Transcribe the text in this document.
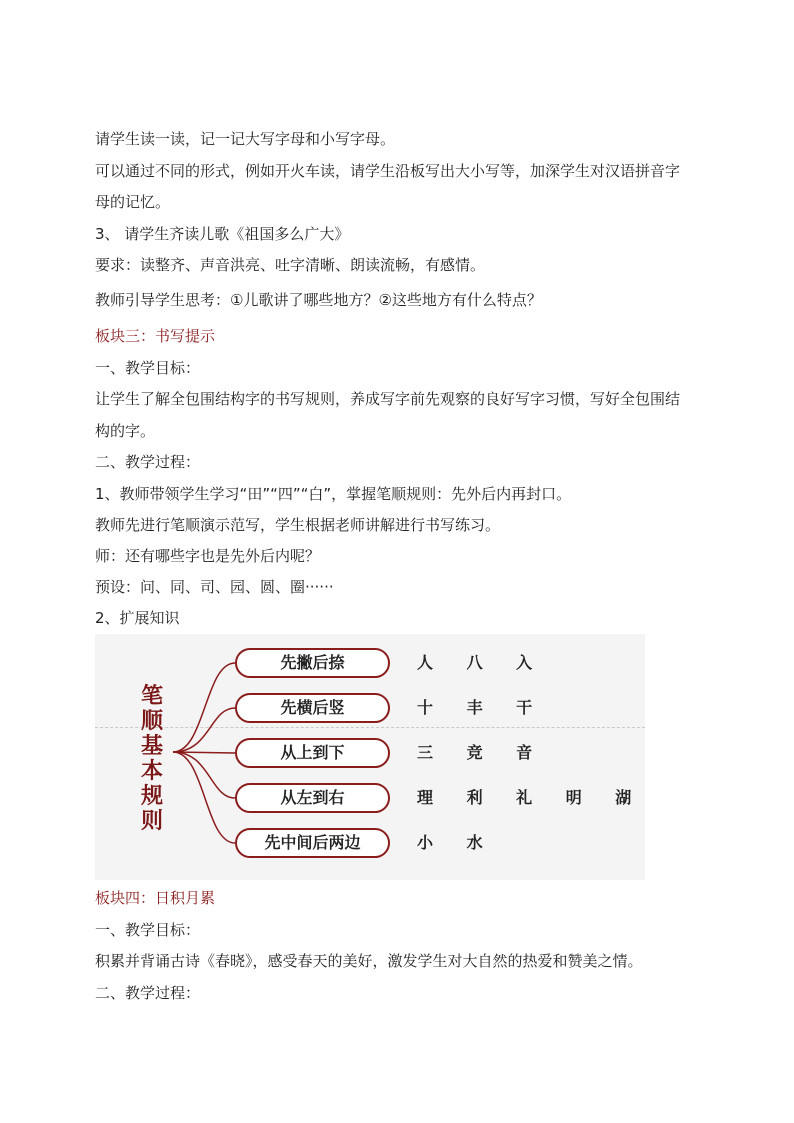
请学生读一读，记一记大写字母和小写字母。
可以通过不同的形式，例如开火车读，请学生沿板写出大小写等，加深学生对汉语拼音字
母的记忆。
3、 请学生齐读儿歌《祖国多么广大》
要求：读整齐、声音洪亮、吐字清晰、朗读流畅，有感情。
教师引导学生思考：①儿歌讲了哪些地方？②这些地方有什么特点？
板块三：书写提示
一、教学目标：
让学生了解全包围结构字的书写规则，养成写字前先观察的良好写字习惯，写好全包围结
构的字。
二、教学过程：
1、教师带领学生学习“田”“四”“白”，掌握笔顺规则：先外后内再封口。
教师先进行笔顺演示范写，学生根据老师讲解进行书写练习。
师：还有哪些字也是先外后内呢？
预设：问、同、司、园、圆、圈······
2、扩展知识
笔顺基本规则
先撇后捺	人 八 入
先横后竖	十 丰 干
从上到下	三 竞 音
从左到右	理 利 礼 明 湖
先中间后两边	小 水
板块四：日积月累
一、教学目标：
积累并背诵古诗《春晓》，感受春天的美好，激发学生对大自然的热爱和赞美之情。
二、教学过程：
